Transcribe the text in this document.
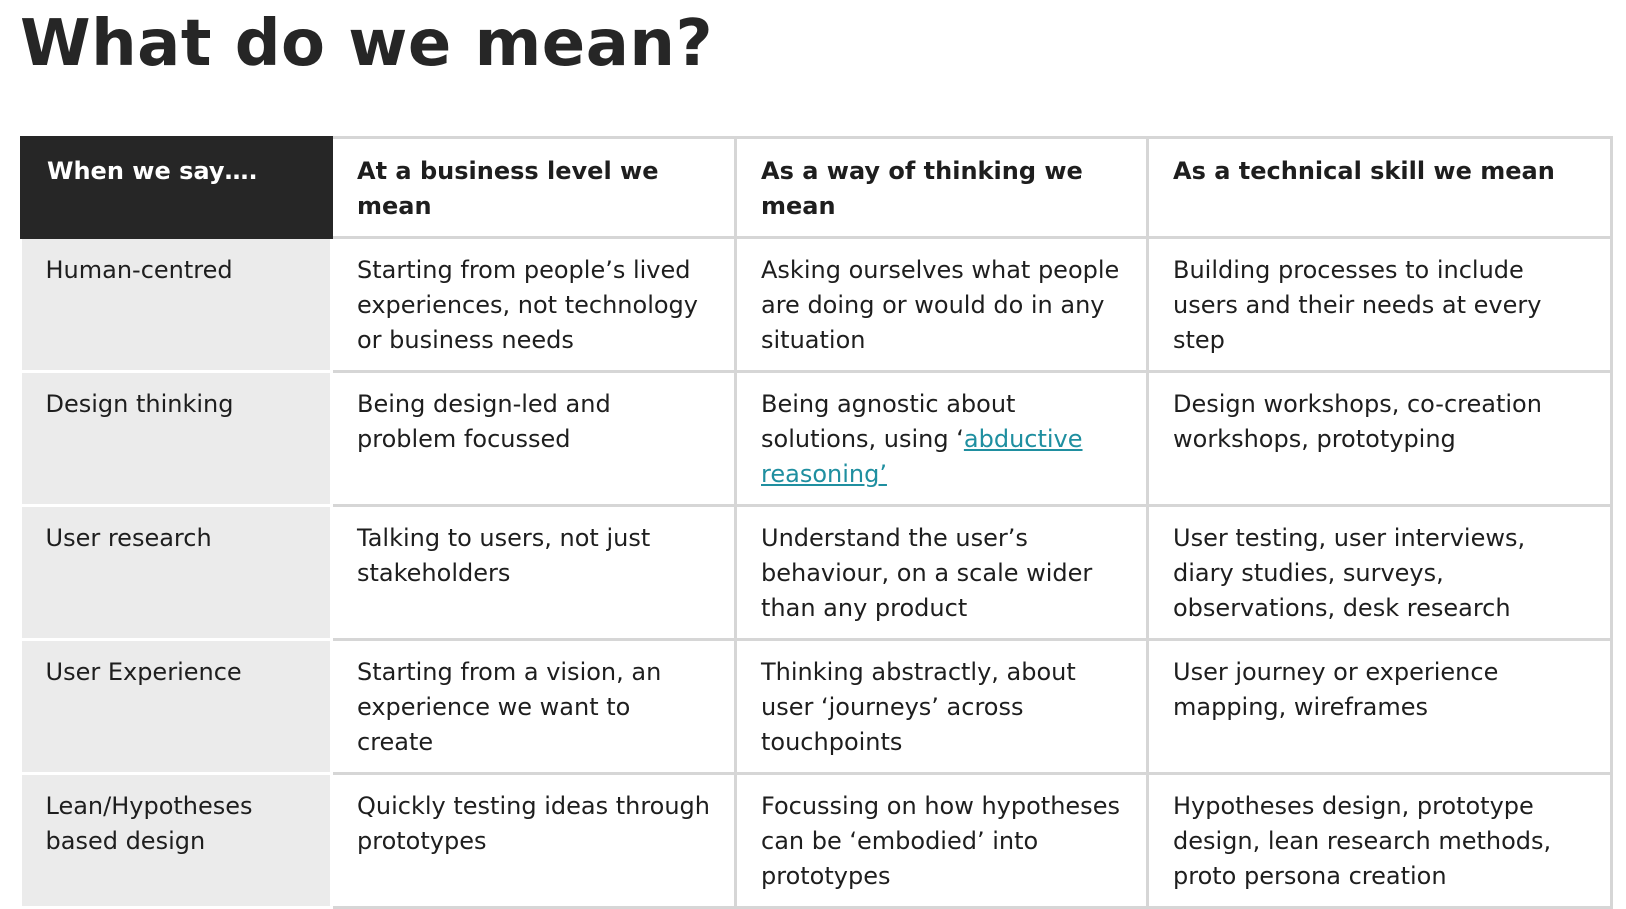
What do we mean?
When we say….	At a business level we mean	As a way of thinking we mean	As a technical skill we mean
Human-centred	Starting from people’s lived experiences, not technology or business needs	Asking ourselves what people are doing or would do in any situation	Building processes to include users and their needs at every step
Design thinking	Being design-led and problem focussed	Being agnostic about solutions, using ‘abductive reasoning’	Design workshops, co-creation workshops, prototyping
User research	Talking to users, not just stakeholders	Understand the user’s behaviour, on a scale wider than any product	User testing, user interviews, diary studies, surveys, observations, desk research
User Experience	Starting from a vision, an experience we want to create	Thinking abstractly, about user ‘journeys’ across touchpoints	User journey or experience mapping, wireframes
Lean/Hypotheses based design	Quickly testing ideas through prototypes	Focussing on how hypotheses can be ‘embodied’ into prototypes	Hypotheses design, prototype design, lean research methods, proto persona creation
